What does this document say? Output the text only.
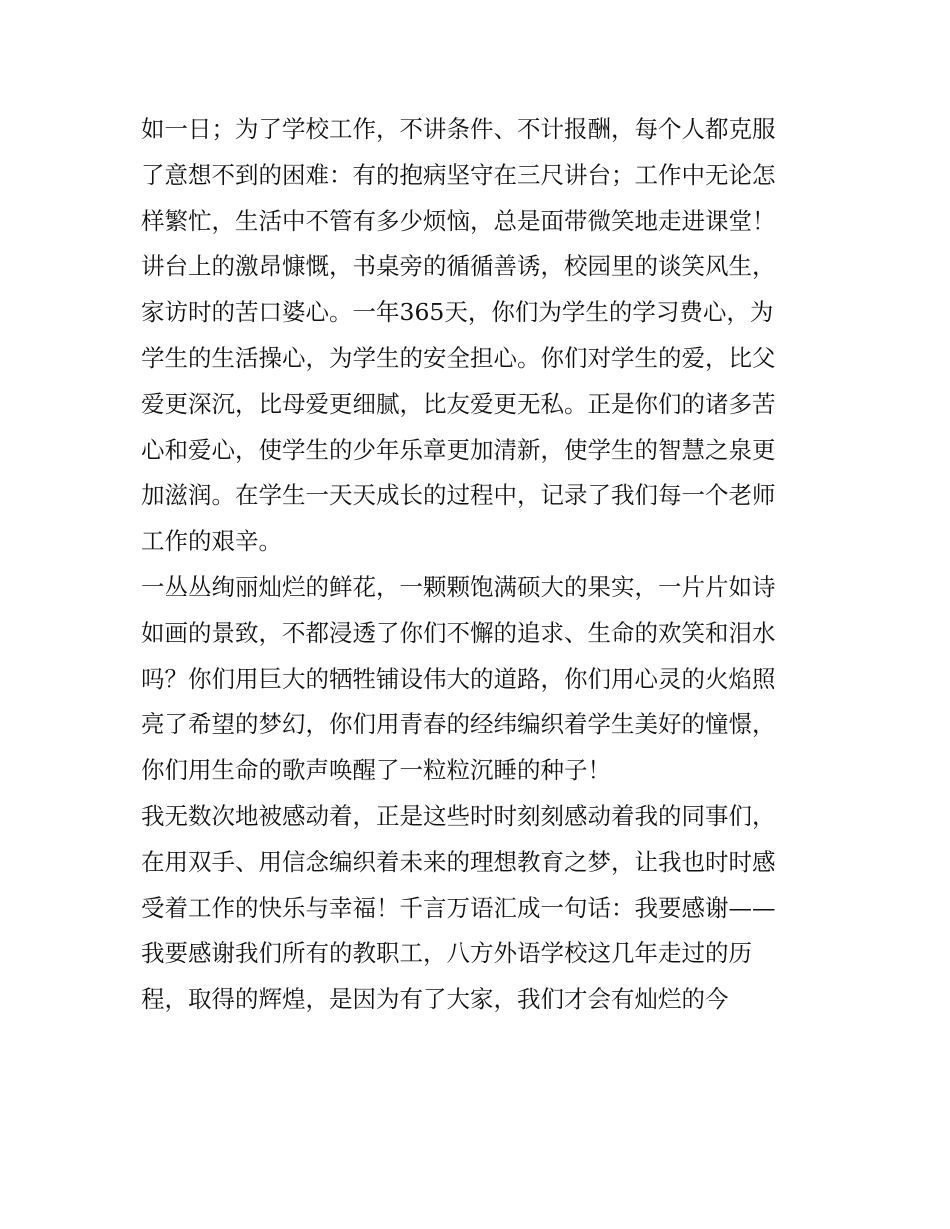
如一日；为了学校工作，不讲条件、不计报酬，每个人都克服
了意想不到的困难：有的抱病坚守在三尺讲台；工作中无论怎
样繁忙，生活中不管有多少烦恼，总是面带微笑地走进课堂！
讲台上的激昂慷慨，书桌旁的循循善诱，校园里的谈笑风生，
家访时的苦口婆心。一年365天，你们为学生的学习费心，为
学生的生活操心，为学生的安全担心。你们对学生的爱，比父
爱更深沉，比母爱更细腻，比友爱更无私。正是你们的诸多苦
心和爱心，使学生的少年乐章更加清新，使学生的智慧之泉更
加滋润。在学生一天天成长的过程中，记录了我们每一个老师
工作的艰辛。
一丛丛绚丽灿烂的鲜花，一颗颗饱满硕大的果实，一片片如诗
如画的景致，不都浸透了你们不懈的追求、生命的欢笑和泪水
吗？你们用巨大的牺牲铺设伟大的道路，你们用心灵的火焰照
亮了希望的梦幻，你们用青春的经纬编织着学生美好的憧憬，
你们用生命的歌声唤醒了一粒粒沉睡的种子！
我无数次地被感动着，正是这些时时刻刻感动着我的同事们，
在用双手、用信念编织着未来的理想教育之梦，让我也时时感
受着工作的快乐与幸福！千言万语汇成一句话：我要感谢——
我要感谢我们所有的教职工，八方外语学校这几年走过的历
程，取得的辉煌，是因为有了大家，我们才会有灿烂的今
